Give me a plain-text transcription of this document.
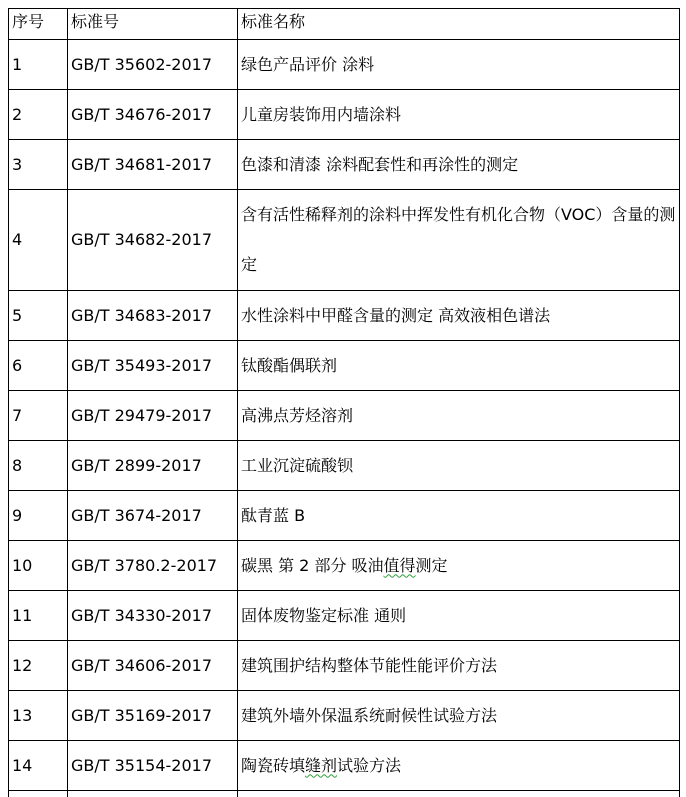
序号	标准号	标准名称
1	GB/T 35602-2017	绿色产品评价 涂料
2	GB/T 34676-2017	儿童房装饰用内墙涂料
3	GB/T 34681-2017	色漆和清漆 涂料配套性和再涂性的测定
4	GB/T 34682-2017	含有活性稀释剂的涂料中挥发性有机化合物（VOC）含量的测定
5	GB/T 34683-2017	水性涂料中甲醛含量的测定 高效液相色谱法
6	GB/T 35493-2017	钛酸酯偶联剂
7	GB/T 29479-2017	高沸点芳烃溶剂
8	GB/T 2899-2017	工业沉淀硫酸钡
9	GB/T 3674-2017	酞青蓝 B
10	GB/T 3780.2-2017	碳黑 第 2 部分 吸油值得测定
11	GB/T 34330-2017	固体废物鉴定标准 通则
12	GB/T 34606-2017	建筑围护结构整体节能性能评价方法
13	GB/T 35169-2017	建筑外墙外保温系统耐候性试验方法
14	GB/T 35154-2017	陶瓷砖填缝剂试验方法
